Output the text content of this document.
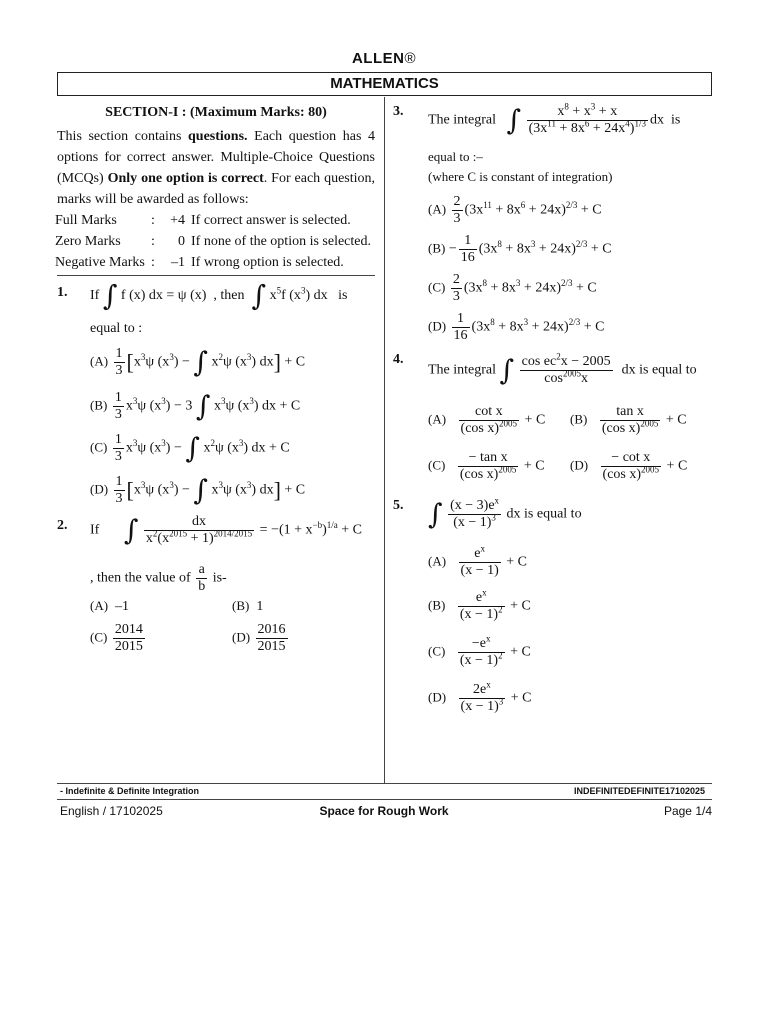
ALLEN®
MATHEMATICS
SECTION-I : (Maximum Marks: 80)
This section contains questions. Each question has 4 options for correct answer. Multiple-Choice Questions (MCQs) Only one option is correct. For each question, marks will be awarded as follows:
Full Marks	:	+4	If correct answer is selected.
Zero Marks	:	0	If none of the option is selected.
Negative Marks	:	–1	If wrong option is selected.
1. If ∫ f (x) dx = ψ (x)  , then ∫ $x^5f$ $(x^3)$ dx   is
equal to :
$(A) \frac{1}{3} [x^3\psi$ $(x^3)$ − ∫ $x^2\psi$ $(x^3) dx] + C$
$(B) \frac{1}{3} x^3\psi$ $(x^3) - 3$ ∫ $x^3\psi$ $(x^3)$ dx + C
$(C) \frac{1}{3} x^3\psi$ $(x^3)$ − ∫ $x^2\psi$ $(x^3)$ dx + C
$(D) \frac{1}{3} [x^3\psi$ $(x^3)$ − ∫ $x^3\psi$ $(x^3) dx] + C$
2. If ∫ $\frac{dx}{x^2(x^{2015} + 1)^{2014/2015}} = -(1 + x^{-b})^{1/a} + C$
, then the value of $\frac{a}{b} is-$
(A) –1	(B) 1
$(C) \frac{2014}{2015}$	$(D) \frac{2016}{2015}$
3.
The integral ∫ $\frac{x^8 + x^3 + x}{(3x^{11} + 8x^6 + 24x^4)^{1/3}}$ dx  is
equal to :–
(where C is constant of integration)
$(A) \frac{2}{3} (3x^{11} + 8x^6 + 24x)^{2/3} + C$
$(B) - \frac{1}{16} (3x^8 + 8x^3 + 24x)^{2/3} + C$
$(C) \frac{2}{3} (3x^8 + 8x^3 + 24x)^{2/3} + C$
$(D) \frac{1}{16} (3x^8 + 8x^3 + 24x)^{2/3} + C$
4.
The integral ∫ $\frac{\cos ec^2x - 2005}{\cos^{2005}x}$ dx is equal to
$(A) \frac{\text{cot x}}{(\cos x)^{2005}} + C$ $(B) \frac{\text{tan x}}{(\cos x)^{2005}} + C$
$(C) \frac{\text{− tan x}}{(\cos x)^{2005}} + C$ $(D) \frac{\text{− cot x}}{(\cos x)^{2005}} + C$
5. ∫ $\frac{(x - 3)e^x}{(x - 1)^3}$ dx is equal to
$(A) \frac{e^x}{(x - 1)} + C$
$(B) \frac{e^x}{(x - 1)^2} + C$
$(C) \frac{-e^x}{(x - 1)^2} + C$
$(D) \frac{2e^x}{(x - 1)^3} + C$
- Indefinite & Definite Integration	INDEFINITEDEFINITE17102025
English / 17102025	Space for Rough Work	Page 1/4
